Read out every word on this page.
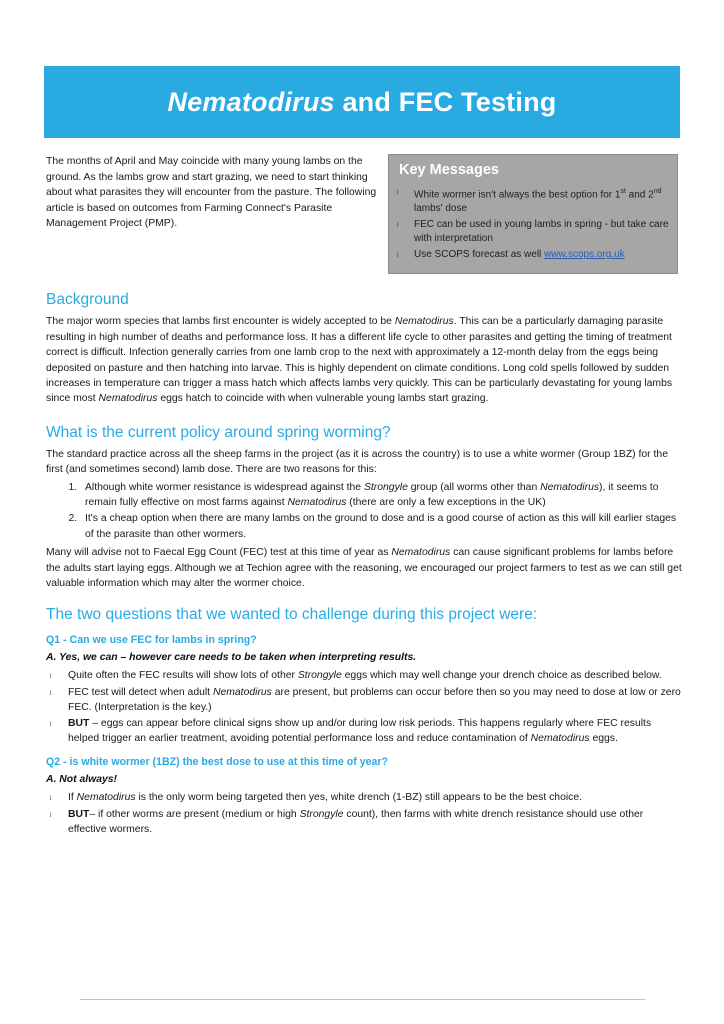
Nematodirus and FEC Testing
The months of April and May coincide with many young lambs on the ground. As the lambs grow and start grazing, we need to start thinking about what parasites they will encounter from the pasture. The following article is based on outcomes from Farming Connect's Parasite Management Project (PMP).
Key Messages
ⱼ	White wormer isn't always the best option for 1st and 2nd lambs' dose
ⱼ	FEC can be used in young lambs in spring - but take care with interpretation
ⱼ	Use SCOPS forecast as well www.scops.org.uk
Background

The major worm species that lambs first encounter is widely accepted to be Nematodirus. This can be a particularly damaging parasite resulting in high number of deaths and performance loss. It has a different life cycle to other parasites and getting the timing of treatment correct is difficult. Infection generally carries from one lamb crop to the next with approximately a 12-month delay from the eggs being deposited on pasture and then hatching into larvae. This is highly dependent on climate conditions. Long cold spells followed by sudden increases in temperature can trigger a mass hatch which affects lambs very quickly. This can be particularly devastating for young lambs since most Nematodirus eggs hatch to coincide with when vulnerable young lambs start grazing.

What is the current policy around spring worming?

The standard practice across all the sheep farms in the project (as it is across the country) is to use a white wormer (Group 1BZ) for the first (and sometimes second) lamb dose. There are two reasons for this:

1. Although white wormer resistance is widespread against the Strongyle group (all worms other than Nematodirus), it seems to remain fully effective on most farms against Nematodirus (there are only a few exceptions in the UK)
2. It's a cheap option when there are many lambs on the ground to dose and is a good course of action as this will kill earlier stages of the parasite than other wormers.

Many will advise not to Faecal Egg Count (FEC) test at this time of year as Nematodirus can cause significant problems for lambs before the adults start laying eggs. Although we at Techion agree with the reasoning, we encouraged our project farmers to test as we can still get valuable information which may alter the wormer choice.

The two questions that we wanted to challenge during this project were:
Q1 - Can we use FEC for lambs in spring?
A. Yes, we can – however care needs to be taken when interpreting results.
ⱼ	Quite often the FEC results will show lots of other Strongyle eggs which may well change your drench choice as described below.
ⱼ	FEC test will detect when adult Nematodirus are present, but problems can occur before then so you may need to dose at low or zero FEC. (Interpretation is the key.)
ⱼ	BUT – eggs can appear before clinical signs show up and/or during low risk periods. This happens regularly where FEC results helped trigger an earlier treatment, avoiding potential performance loss and reduce contamination of Nematodirus eggs.
Q2 - is white wormer (1BZ) the best dose to use at this time of year?
A. Not always!
ⱼ	If Nematodirus is the only worm being targeted then yes, white drench (1-BZ) still appears to be the best choice.
ⱼ	BUT– if other worms are present (medium or high Strongyle count), then farms with white drench resistance should use other effective wormers.
